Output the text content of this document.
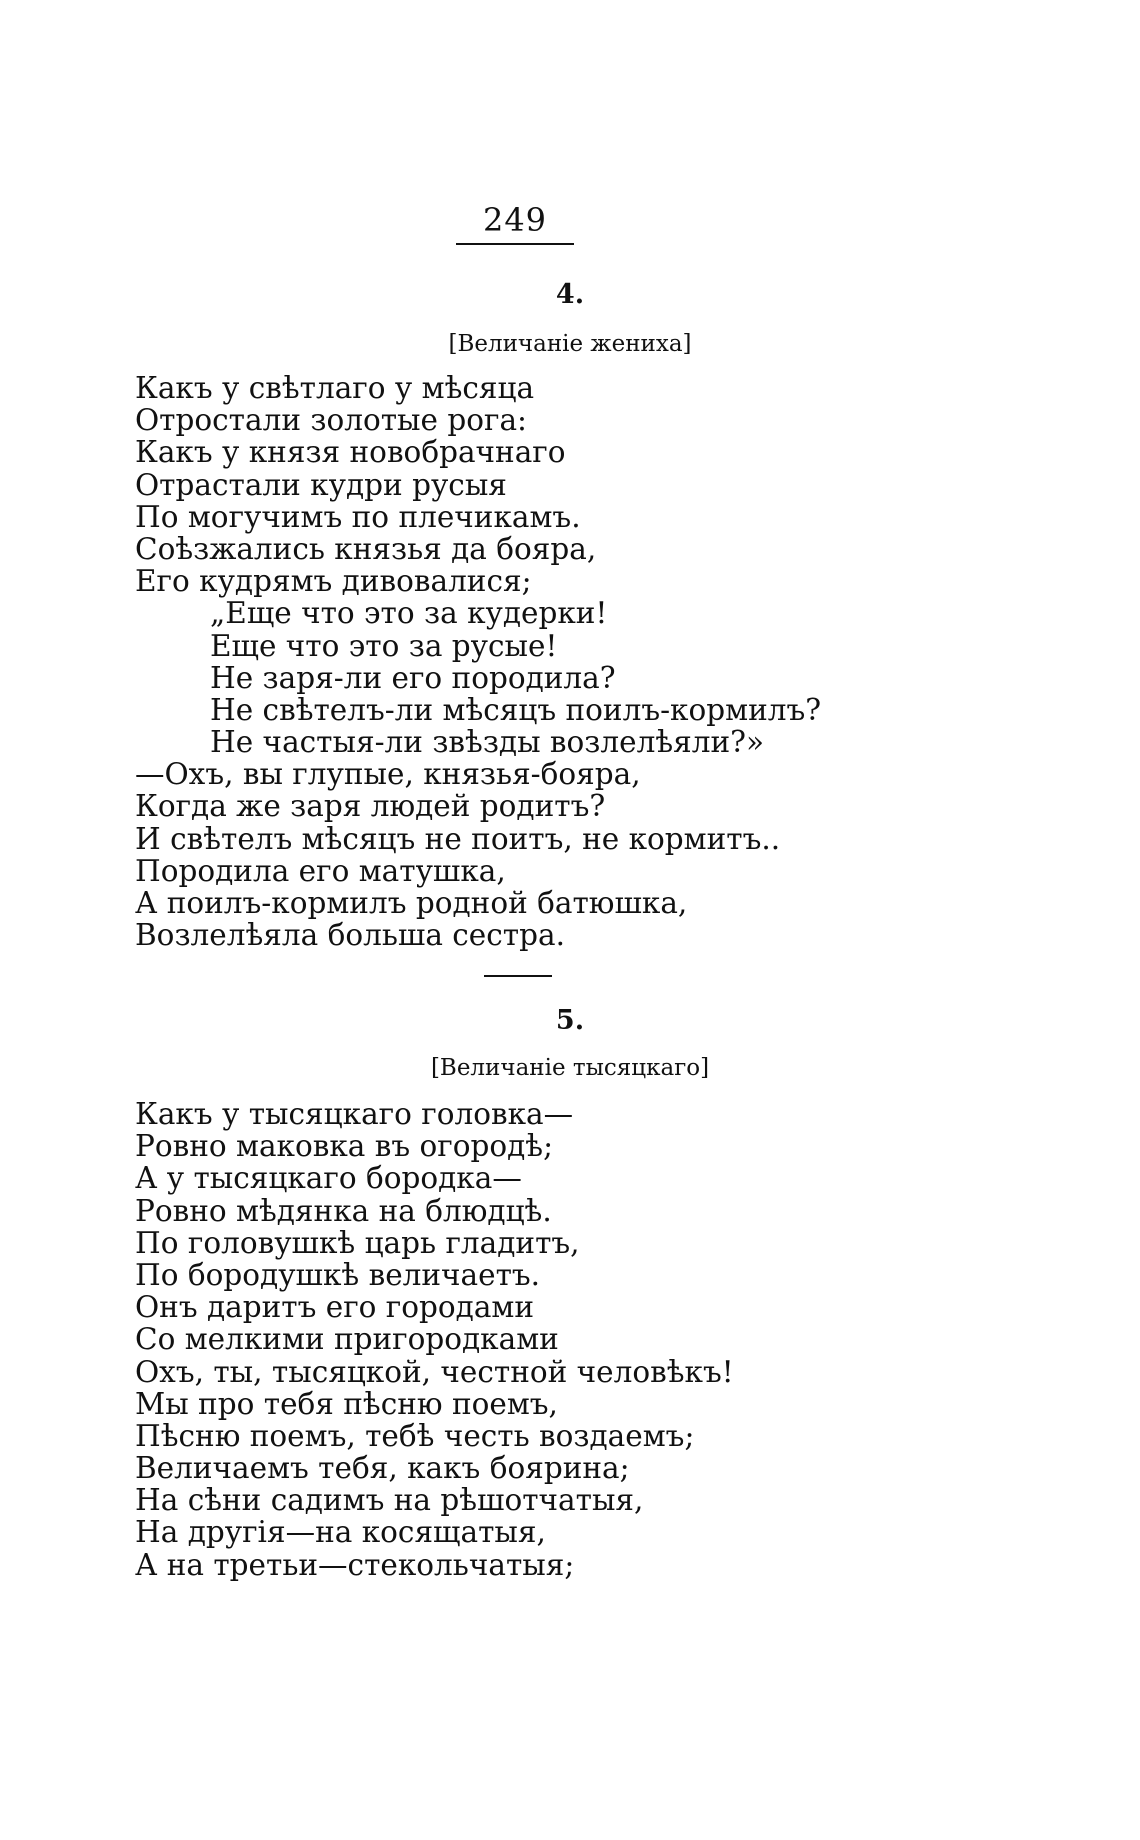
249
4.
[Величанiе жениха]
Какъ у свѣтлаго у мѣсяца
Отростали золотые рога:
Какъ у князя новобрачнаго
Отрастали кудри русыя
По могучимъ по плечикамъ.
Соѣзжались князья да бояра,
Его кудрямъ дивовалися;
„Еще что это за кудерки!
Еще что это за русые!
Не заря-ли его породила?
Не свѣтелъ-ли мѣсяцъ поилъ-кормилъ?
Не частыя-ли звѣзды возлелѣяли?»
—Охъ, вы глупые, князья-бояра,
Когда же заря людей родитъ?
И свѣтелъ мѣсяцъ не поитъ, не кормитъ..
Породила его матушка,
А поилъ-кормилъ родной батюшка,
Возлелѣяла больша сестра.
5.
[Величанiе тысяцкаго]
Какъ у тысяцкаго головка—
Ровно маковка въ огородѣ;
А у тысяцкаго бородка—
Ровно мѣдянка на блюдцѣ.
По головушкѣ царь гладитъ,
По бородушкѣ величаетъ.
Онъ даритъ его городами
Со мелкими пригородками
Охъ, ты, тысяцкой, честной человѣкъ!
Мы про тебя пѣсню поемъ,
Пѣсню поемъ, тебѣ честь воздаемъ;
Величаемъ тебя, какъ боярина;
На сѣни садимъ на рѣшотчатыя,
На другiя—на косящатыя,
А на третьи—стекольчатыя;
